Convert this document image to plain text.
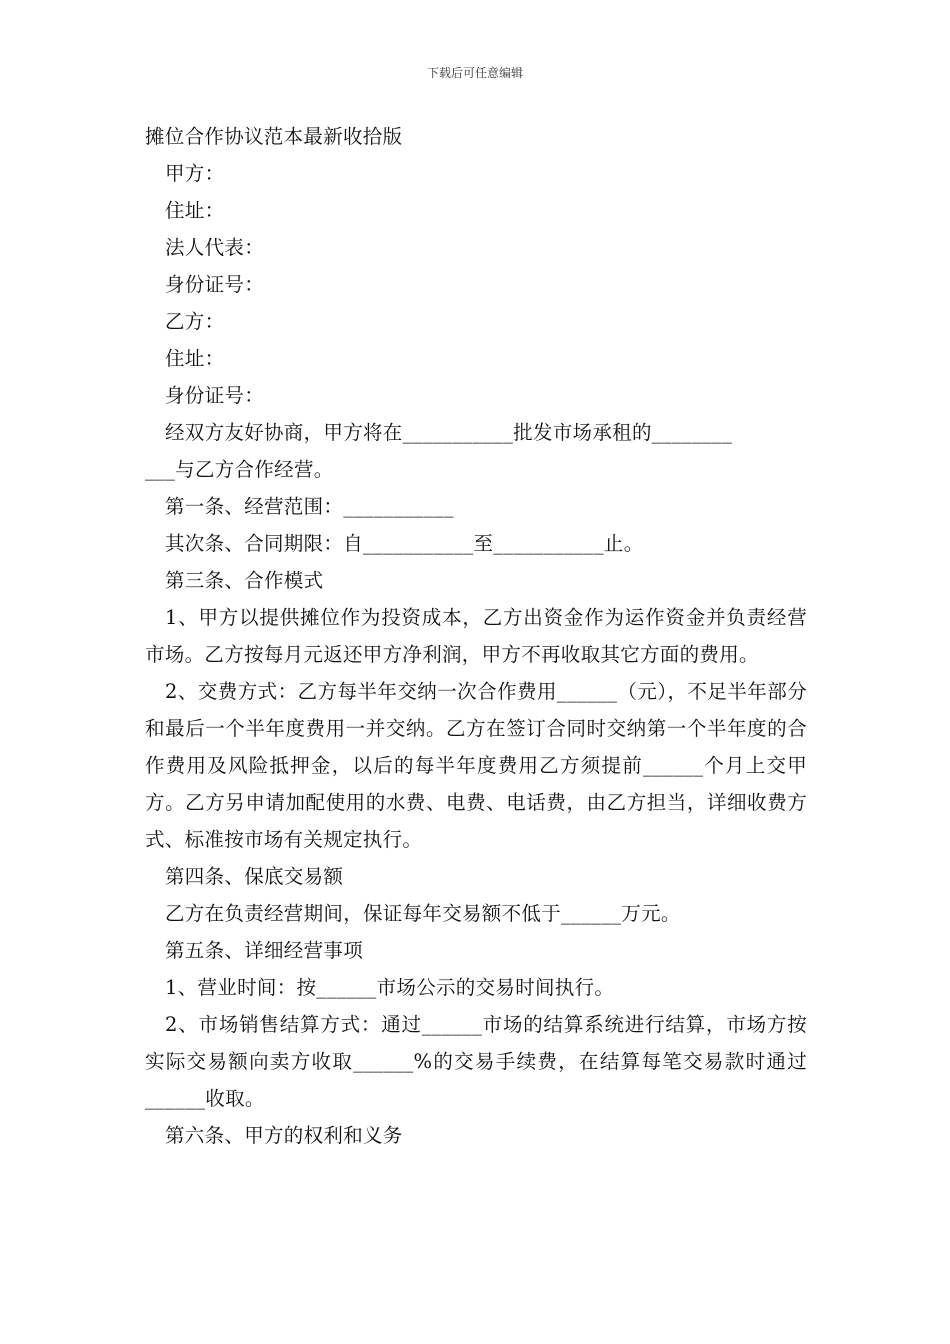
下载后可任意编辑

摊位合作协议范本最新收拾版

甲方：

住址：

法人代表：

身份证号：

乙方：

住址：

身份证号：

经双方友好协商，甲方将在___________批发市场承租的________

___与乙方合作经营。

第一条、经营范围：___________

其次条、合同期限：自___________至___________止。

第三条、合作模式

1、甲方以提供摊位作为投资成本，乙方出资金作为运作资金并负责经营市场。乙方按每月元返还甲方净利润，甲方不再收取其它方面的费用。

2、交费方式：乙方每半年交纳一次合作费用______（元），不足半年部分和最后一个半年度费用一并交纳。乙方在签订合同时交纳第一个半年度的合作费用及风险抵押金，以后的每半年度费用乙方须提前______个月上交甲方。乙方另申请加配使用的水费、电费、电话费，由乙方担当，详细收费方式、标准按市场有关规定执行。

第四条、保底交易额

乙方在负责经营期间，保证每年交易额不低于______万元。

第五条、详细经营事项

1、营业时间：按______市场公示的交易时间执行。

2、市场销售结算方式：通过______市场的结算系统进行结算，市场方按实际交易额向卖方收取______%的交易手续费，在结算每笔交易款时通过______收取。

第六条、甲方的权利和义务
